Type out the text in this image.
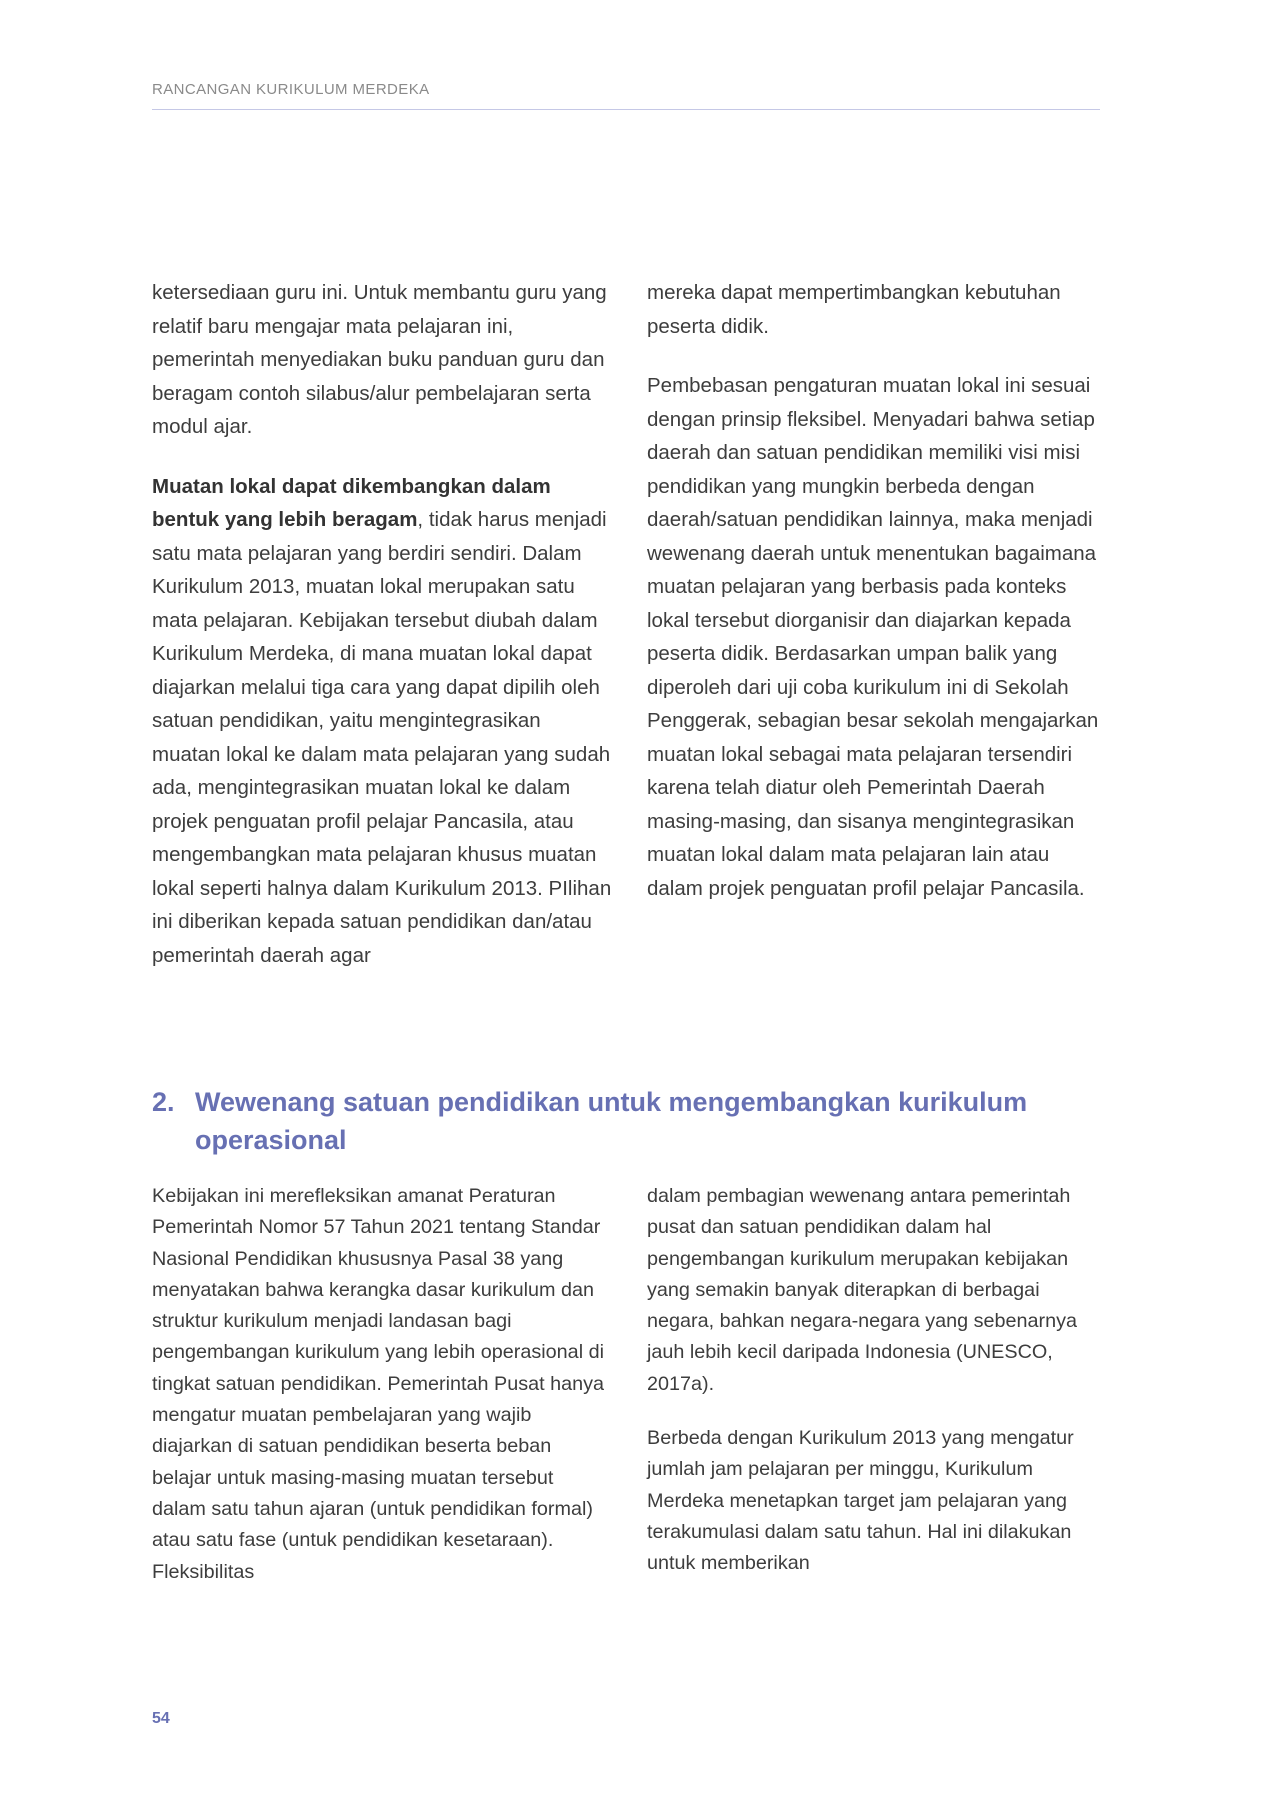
RANCANGAN KURIKULUM MERDEKA

ketersediaan guru ini. Untuk membantu guru yang relatif baru mengajar mata pelajaran ini, pemerintah menyediakan buku panduan guru dan beragam contoh silabus/alur pembelajaran serta modul ajar.

Muatan lokal dapat dikembangkan dalam bentuk yang lebih beragam, tidak harus menjadi satu mata pelajaran yang berdiri sendiri. Dalam Kurikulum 2013, muatan lokal merupakan satu mata pelajaran. Kebijakan tersebut diubah dalam Kurikulum Merdeka, di mana muatan lokal dapat diajarkan melalui tiga cara yang dapat dipilih oleh satuan pendidikan, yaitu mengintegrasikan muatan lokal ke dalam mata pelajaran yang sudah ada, mengintegrasikan muatan lokal ke dalam projek penguatan profil pelajar Pancasila, atau mengembangkan mata pelajaran khusus muatan lokal seperti halnya dalam Kurikulum 2013. PIlihan ini diberikan kepada satuan pendidikan dan/atau pemerintah daerah agar

mereka dapat mempertimbangkan kebutuhan peserta didik.

Pembebasan pengaturan muatan lokal ini sesuai dengan prinsip fleksibel. Menyadari bahwa setiap daerah dan satuan pendidikan memiliki visi misi pendidikan yang mungkin berbeda dengan daerah/satuan pendidikan lainnya, maka menjadi wewenang daerah untuk menentukan bagaimana muatan pelajaran yang berbasis pada konteks lokal tersebut diorganisir dan diajarkan kepada peserta didik. Berdasarkan umpan balik yang diperoleh dari uji coba kurikulum ini di Sekolah Penggerak, sebagian besar sekolah mengajarkan muatan lokal sebagai mata pelajaran tersendiri karena telah diatur oleh Pemerintah Daerah masing-masing, dan sisanya mengintegrasikan muatan lokal dalam mata pelajaran lain atau dalam projek penguatan profil pelajar Pancasila.

2. Wewenang satuan pendidikan untuk mengembangkan kurikulum operasional

Kebijakan ini merefleksikan amanat Peraturan Pemerintah Nomor 57 Tahun 2021 tentang Standar Nasional Pendidikan khususnya Pasal 38 yang menyatakan bahwa kerangka dasar kurikulum dan struktur kurikulum menjadi landasan bagi pengembangan kurikulum yang lebih operasional di tingkat satuan pendidikan. Pemerintah Pusat hanya mengatur muatan pembelajaran yang wajib diajarkan di satuan pendidikan beserta beban belajar untuk masing-masing muatan tersebut dalam satu tahun ajaran (untuk pendidikan formal) atau satu fase (untuk pendidikan kesetaraan). Fleksibilitas

dalam pembagian wewenang antara pemerintah pusat dan satuan pendidikan dalam hal pengembangan kurikulum merupakan kebijakan yang semakin banyak diterapkan di berbagai negara, bahkan negara-negara yang sebenarnya jauh lebih kecil daripada Indonesia (UNESCO, 2017a).

Berbeda dengan Kurikulum 2013 yang mengatur jumlah jam pelajaran per minggu, Kurikulum Merdeka menetapkan target jam pelajaran yang terakumulasi dalam satu tahun. Hal ini dilakukan untuk memberikan

54
